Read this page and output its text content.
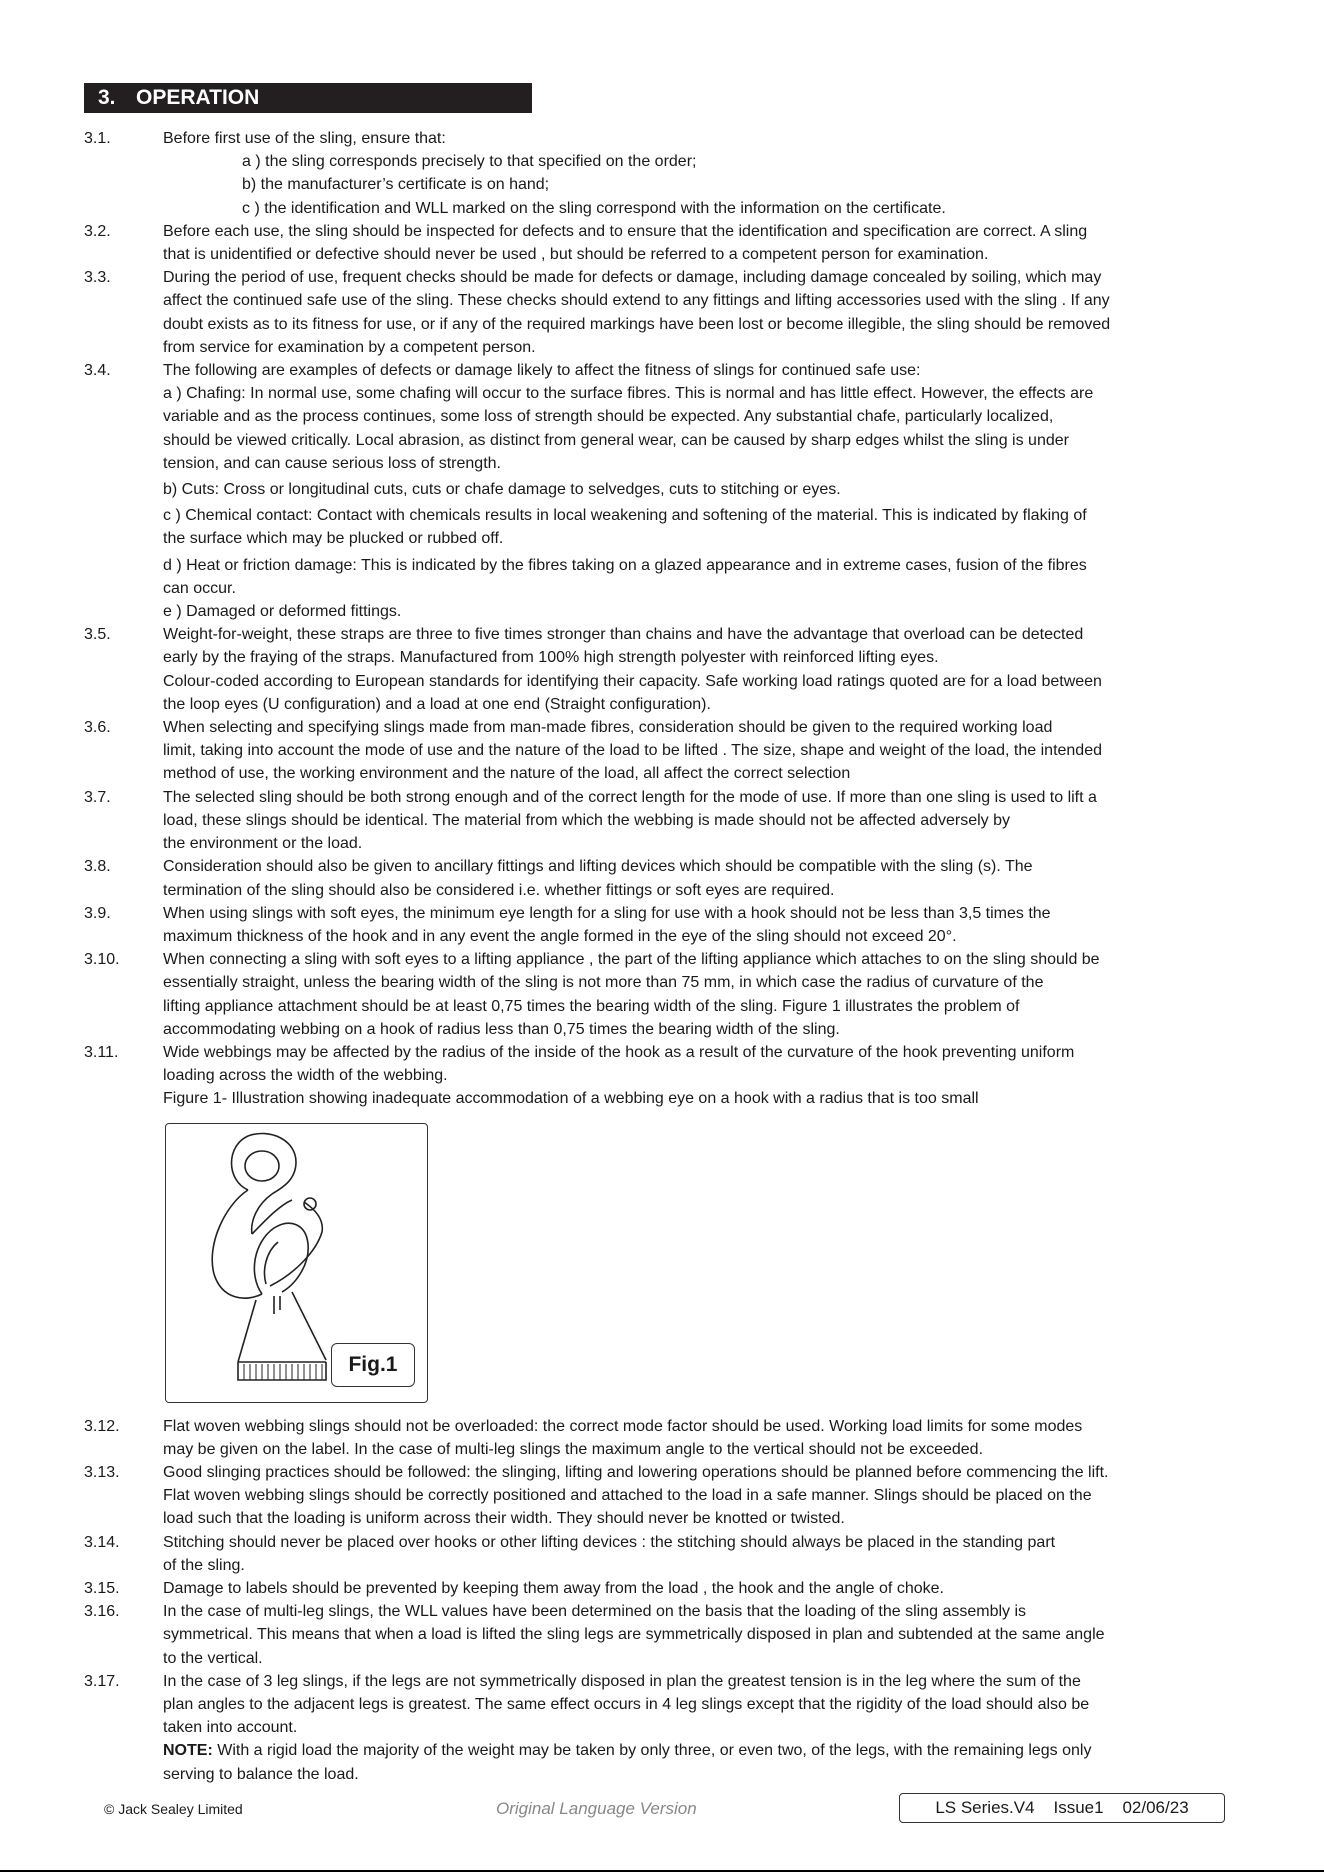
3. OPERATION
3.1.	Before first use of the sling, ensure that:

a ) the sling corresponds precisely to that specified on the order;

b) the manufacturer’s certificate is on hand;

c ) the identification and WLL marked on the sling correspond with the information on the certificate.

3.2.	Before each use, the sling should be inspected for defects and to ensure that the identification and specification are correct. A sling

that is unidentified or defective should never be used , but should be referred to a competent person for examination.

3.3.	During the period of use, frequent checks should be made for defects or damage, including damage concealed by soiling, which may

affect the continued safe use of the sling. These checks should extend to any fittings and lifting accessories used with the sling . If any

doubt exists as to its fitness for use, or if any of the required markings have been lost or become illegible, the sling should be removed

from service for examination by a competent person.

3.4.	The following are examples of defects or damage likely to affect the fitness of slings for continued safe use:

a ) Chafing: In normal use, some chafing will occur to the surface fibres. This is normal and has little effect. However, the effects are

variable and as the process continues, some loss of strength should be expected. Any substantial chafe, particularly localized,

should be viewed critically. Local abrasion, as distinct from general wear, can be caused by sharp edges whilst the sling is under

tension, and can cause serious loss of strength.

b) Cuts: Cross or longitudinal cuts, cuts or chafe damage to selvedges, cuts to stitching or eyes.

c ) Chemical contact: Contact with chemicals results in local weakening and softening of the material. This is indicated by flaking of

the surface which may be plucked or rubbed off.

d ) Heat or friction damage: This is indicated by the fibres taking on a glazed appearance and in extreme cases, fusion of the fibres

can occur.

e ) Damaged or deformed fittings.

3.5.	Weight-for-weight, these straps are three to five times stronger than chains and have the advantage that overload can be detected

early by the fraying of the straps. Manufactured from 100% high strength polyester with reinforced lifting eyes.

Colour-coded according to European standards for identifying their capacity. Safe working load ratings quoted are for a load between

the loop eyes (U configuration) and a load at one end (Straight configuration).

3.6.	When selecting and specifying slings made from man-made fibres, consideration should be given to the required working load

limit, taking into account the mode of use and the nature of the load to be lifted . The size, shape and weight of the load, the intended

method of use, the working environment and the nature of the load, all affect the correct selection

3.7.	The selected sling should be both strong enough and of the correct length for the mode of use. If more than one sling is used to lift a

load, these slings should be identical. The material from which the webbing is made should not be affected adversely by

the environment or the load.

3.8.	Consideration should also be given to ancillary fittings and lifting devices which should be compatible with the sling (s). The

termination of the sling should also be considered i.e. whether fittings or soft eyes are required.

3.9.	When using slings with soft eyes, the minimum eye length for a sling for use with a hook should not be less than 3,5 times the

maximum thickness of the hook and in any event the angle formed in the eye of the sling should not exceed 20°.

3.10.	When connecting a sling with soft eyes to a lifting appliance , the part of the lifting appliance which attaches to on the sling should be

essentially straight, unless the bearing width of the sling is not more than 75 mm, in which case the radius of curvature of the

lifting appliance attachment should be at least 0,75 times the bearing width of the sling. Figure 1 illustrates the problem of

accommodating webbing on a hook of radius less than 0,75 times the bearing width of the sling.

3.11.	Wide webbings may be affected by the radius of the inside of the hook as a result of the curvature of the hook preventing uniform

loading across the width of the webbing.

Figure 1- Illustration showing inadequate accommodation of a webbing eye on a hook with a radius that is too small

Fig.1
3.12.	Flat woven webbing slings should not be overloaded: the correct mode factor should be used. Working load limits for some modes

may be given on the label. In the case of multi-leg slings the maximum angle to the vertical should not be exceeded.

3.13.	Good slinging practices should be followed: the slinging, lifting and lowering operations should be planned before commencing the lift.

Flat woven webbing slings should be correctly positioned and attached to the load in a safe manner. Slings should be placed on the

load such that the loading is uniform across their width. They should never be knotted or twisted.

3.14.	Stitching should never be placed over hooks or other lifting devices : the stitching should always be placed in the standing part

of the sling.

3.15.	Damage to labels should be prevented by keeping them away from the load , the hook and the angle of choke.

3.16.	In the case of multi-leg slings, the WLL values have been determined on the basis that the loading of the sling assembly is

symmetrical. This means that when a load is lifted the sling legs are symmetrically disposed in plan and subtended at the same angle

to the vertical.

3.17.	In the case of 3 leg slings, if the legs are not symmetrically disposed in plan the greatest tension is in the leg where the sum of the

plan angles to the adjacent legs is greatest. The same effect occurs in 4 leg slings except that the rigidity of the load should also be

taken into account.

NOTE: With a rigid load the majority of the weight may be taken by only three, or even two, of the legs, with the remaining legs only

serving to balance the load.

© Jack Sealey Limited	Original Language Version	LS Series.V4 Issue1 02/06/23
